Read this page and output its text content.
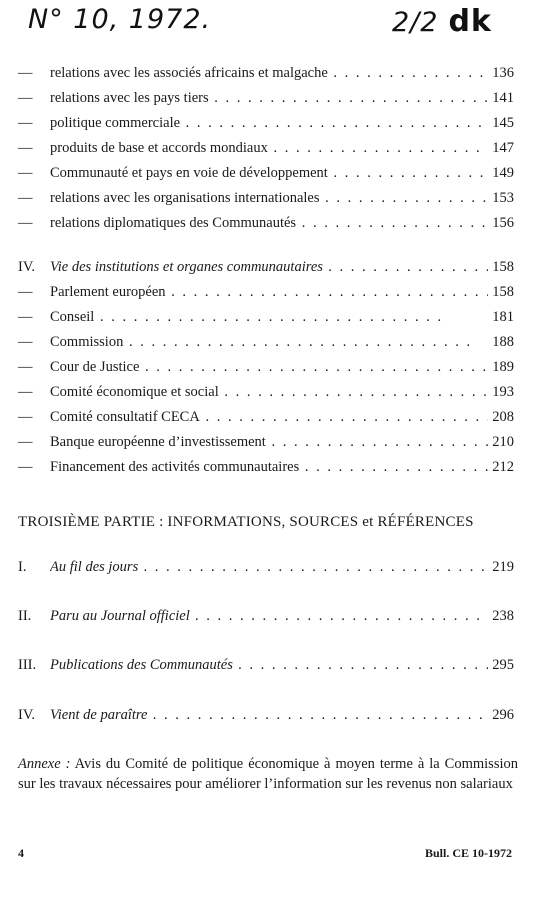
N° 10, 1972.	2/2 dk
—	relations avec les associés africains et malgache . .	136
—	relations avec les pays tiers . .	141
—	politique commerciale . .	145
—	produits de base et accords mondiaux . .	147
—	Communauté et pays en voie de développement . .	149
—	relations avec les organisations internationales . .	153
—	relations diplomatiques des Communautés . .	156
IV.	Vie des institutions et organes communautaires . .	158
—	Parlement européen . .	158
—	Conseil . .	181
—	Commission . .	188
—	Cour de Justice . .	189
—	Comité économique et social . .	193
—	Comité consultatif CECA . .	208
—	Banque européenne d’investissement . .	210
—	Financement des activités communautaires . .	212
TROISIÈME PARTIE : INFORMATIONS, SOURCES et RÉFÉRENCES
I.	Au fil des jours . .	219
II.	Paru au Journal officiel . .	238
III. Publications des Communautés . .	295
IV.	Vient de paraître . .	296
Annexe : Avis du Comité de politique économique à moyen terme à la Commission sur les travaux nécessaires pour améliorer l’information sur les revenus non salariaux
4	Bull. CE 10-1972
